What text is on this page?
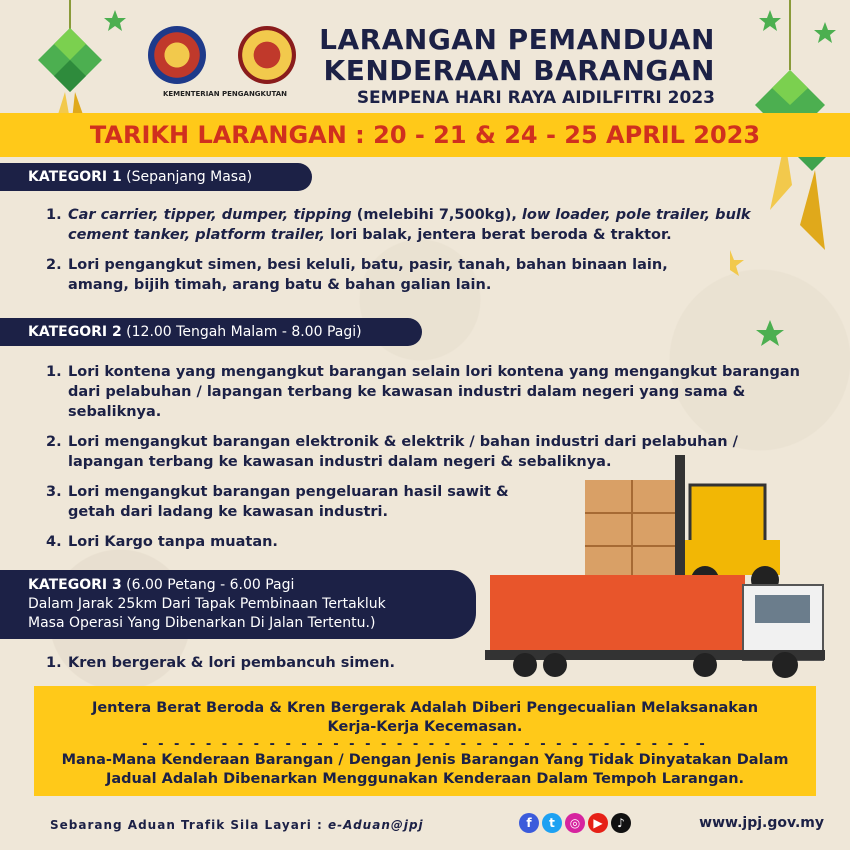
KEMENTERIAN PENGANGKUTAN
LARANGAN PEMANDUAN
KENDERAAN BARANGAN
SEMPENA HARI RAYA AIDILFITRI 2023
TARIKH LARANGAN : 20 - 21 & 24 - 25 APRIL 2023
KATEGORI 1 (Sepanjang Masa)
1. Car carrier, tipper, dumper, tipping (melebihi 7,500kg), low loader, pole trailer, bulk cement tanker, platform trailer, lori balak, jentera berat beroda & traktor.
2. Lori pengangkut simen, besi keluli, batu, pasir, tanah, bahan binaan lain, amang, bijih timah, arang batu & bahan galian lain.
KATEGORI 2 (12.00 Tengah Malam - 8.00 Pagi)
1. Lori kontena yang mengangkut barangan selain lori kontena yang mengangkut barangan dari pelabuhan / lapangan terbang ke kawasan industri dalam negeri yang sama & sebaliknya.
2. Lori mengangkut barangan elektronik & elektrik / bahan industri dari pelabuhan / lapangan terbang ke kawasan industri dalam negeri & sebaliknya.
3. Lori mengangkut barangan pengeluaran hasil sawit & getah dari ladang ke kawasan industri.
4. Lori Kargo tanpa muatan.
KATEGORI 3 (6.00 Petang - 6.00 Pagi
Dalam Jarak 25km Dari Tapak Pembinaan Tertakluk
Masa Operasi Yang Dibenarkan Di Jalan Tertentu.)
1. Kren bergerak & lori pembancuh simen.
Jentera Berat Beroda & Kren Bergerak Adalah Diberi Pengecualian Melaksanakan
Kerja-Kerja Kecemasan.
- - - - - - - - - - - - - - - - - - - - - - - - - - - - - - - - - - - -
Mana-Mana Kenderaan Barangan / Dengan Jenis Barangan Yang Tidak Dinyatakan Dalam
Jadual Adalah Dibenarkan Menggunakan Kenderaan Dalam Tempoh Larangan.
Sebarang Aduan Trafik Sila Layari : e-Aduan@jpj	f	t	◎	▶	♪	www.jpj.gov.my
